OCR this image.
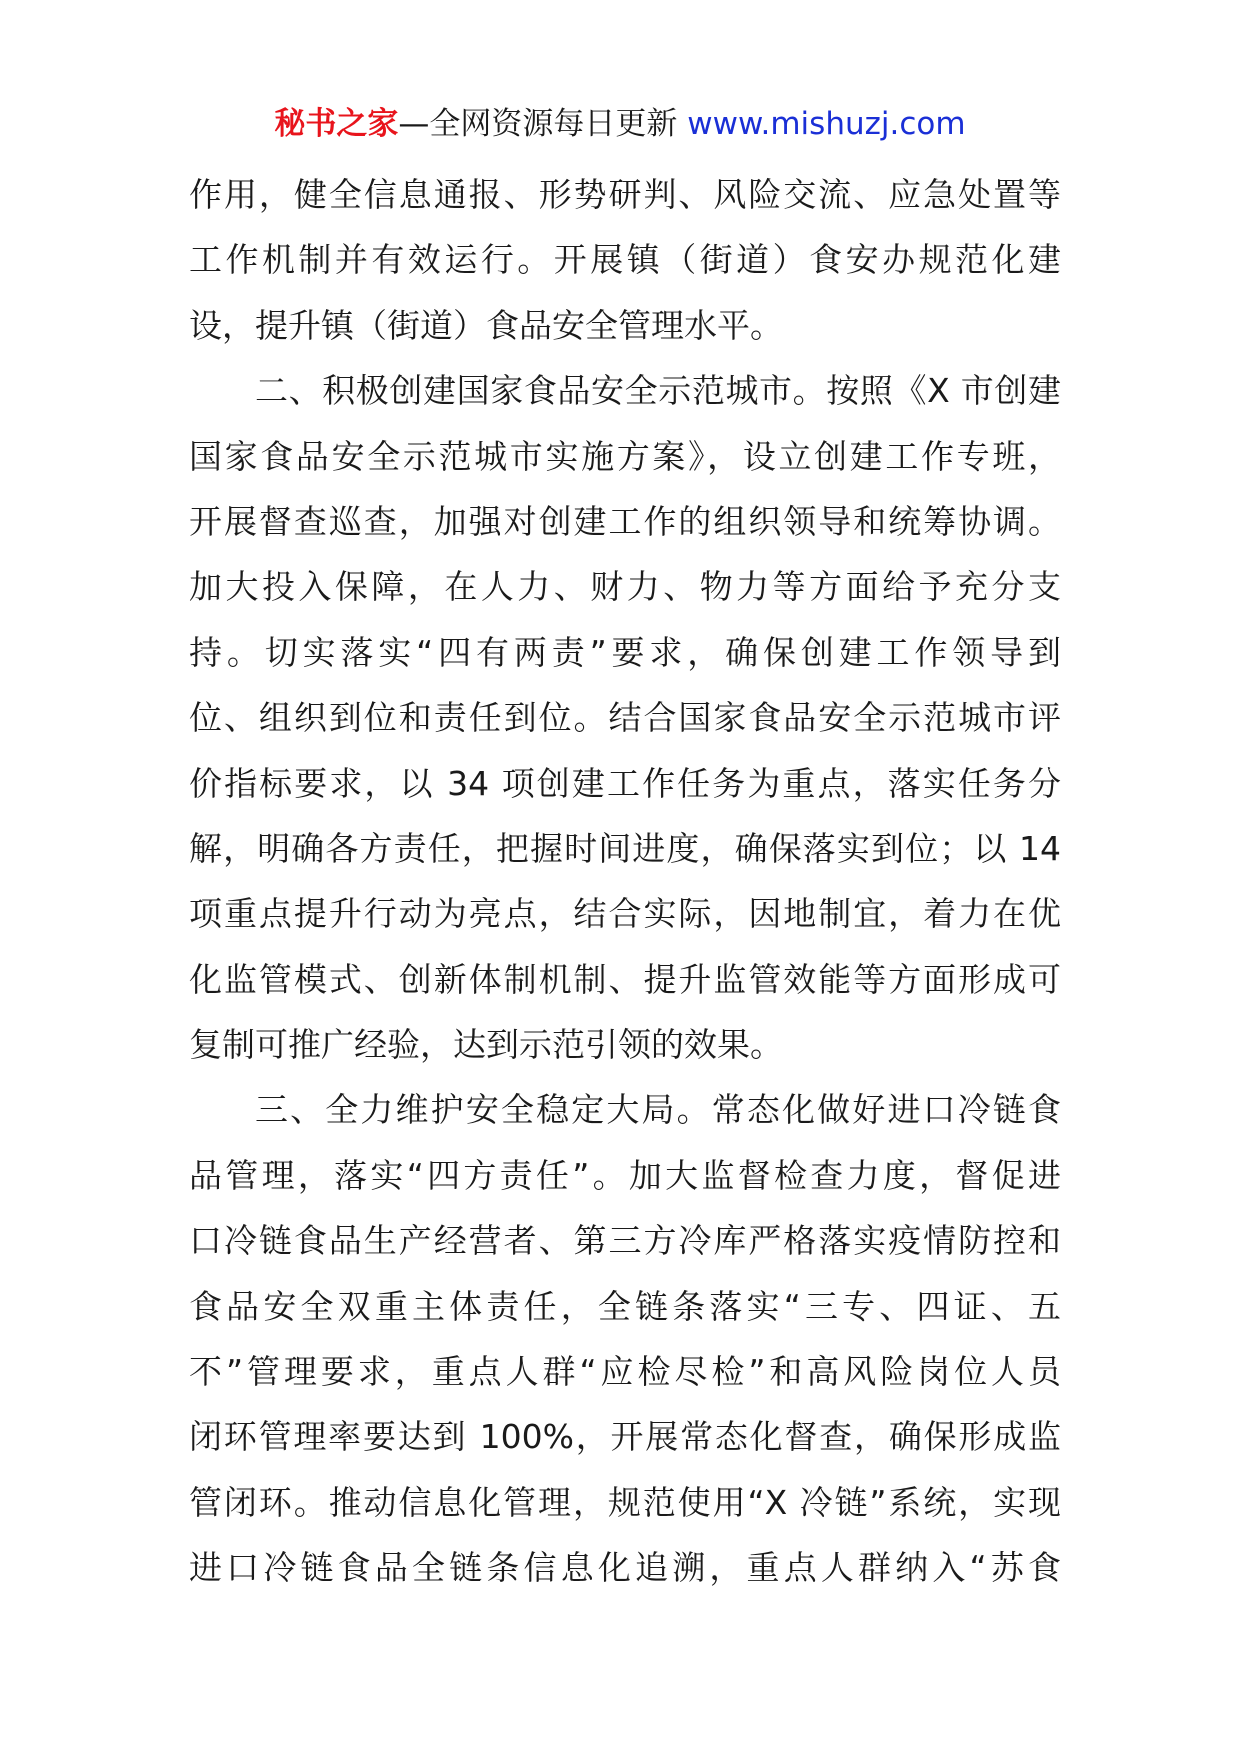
秘书之家—全网资源每日更新 www.mishuzj.com
作用，健全信息通报、形势研判、风险交流、应急处置等
工作机制并有效运行。开展镇（街道）食安办规范化建
设，提升镇（街道）食品安全管理水平。
二、积极创建国家食品安全示范城市。按照《X 市创建
国家食品安全示范城市实施方案》，设立创建工作专班，
开展督查巡查，加强对创建工作的组织领导和统筹协调。
加大投入保障，在人力、财力、物力等方面给予充分支
持。切实落实“四有两责”要求，确保创建工作领导到
位、组织到位和责任到位。结合国家食品安全示范城市评
价指标要求，以 34 项创建工作任务为重点，落实任务分
解，明确各方责任，把握时间进度，确保落实到位；以 14
项重点提升行动为亮点，结合实际，因地制宜，着力在优
化监管模式、创新体制机制、提升监管效能等方面形成可
复制可推广经验，达到示范引领的效果。
三、全力维护安全稳定大局。常态化做好进口冷链食
品管理，落实“四方责任”。加大监督检查力度，督促进
口冷链食品生产经营者、第三方冷库严格落实疫情防控和
食品安全双重主体责任，全链条落实“三专、四证、五
不”管理要求，重点人群“应检尽检”和高风险岗位人员
闭环管理率要达到 100%，开展常态化督查，确保形成监
管闭环。推动信息化管理，规范使用“X 冷链”系统，实现
进口冷链食品全链条信息化追溯，重点人群纳入“苏食
